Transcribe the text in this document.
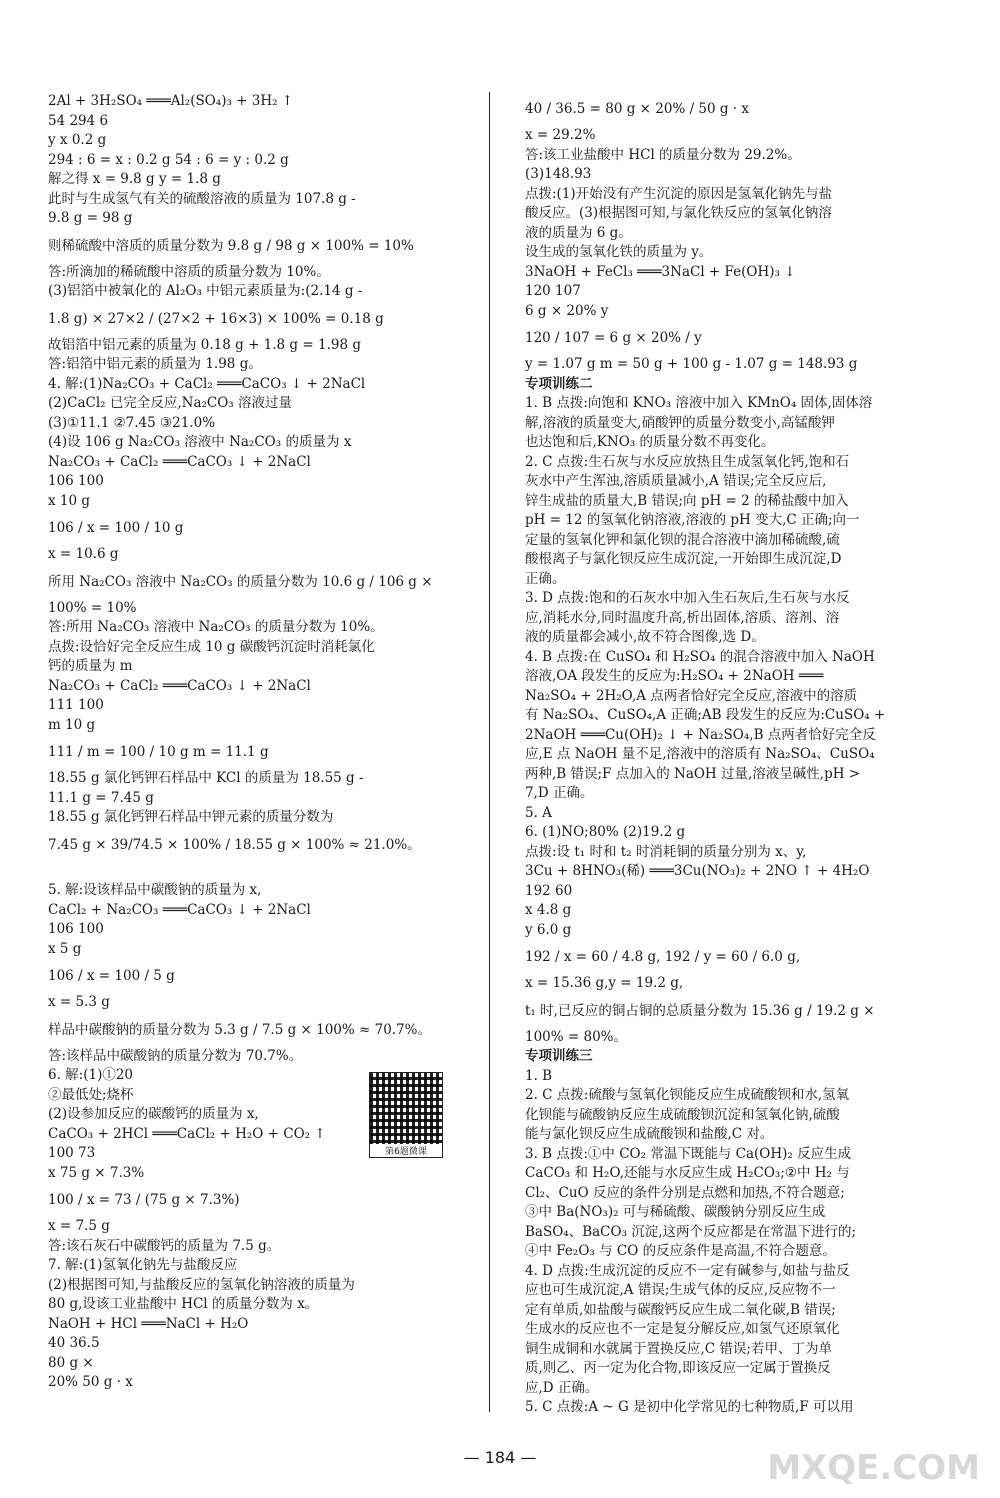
2Al + 3H₂SO₄ ═══Al₂(SO₄)₃ + 3H₂ ↑
54 294 6
y x 0.2 g
294 : 6 = x : 0.2 g 54 : 6 = y : 0.2 g
解之得 x = 9.8 g y = 1.8 g
此时与生成氢气有关的硫酸溶液的质量为 107.8 g -
9.8 g = 98 g
则稀硫酸中溶质的质量分数为 9.8 g / 98 g × 100% = 10%
答:所滴加的稀硫酸中溶质的质量分数为 10%。
(3)铝箔中被氧化的 Al₂O₃ 中铝元素质量为:(2.14 g -
1.8 g) × 27×2 / (27×2 + 16×3) × 100% = 0.18 g
故铝箔中铝元素的质量为 0.18 g + 1.8 g = 1.98 g
答:铝箔中铝元素的质量为 1.98 g。
4. 解:(1)Na₂CO₃ + CaCl₂ ═══CaCO₃ ↓ + 2NaCl
(2)CaCl₂ 已完全反应,Na₂CO₃ 溶液过量
(3)①11.1 ②7.45 ③21.0%
(4)设 106 g Na₂CO₃ 溶液中 Na₂CO₃ 的质量为 x
Na₂CO₃ + CaCl₂ ═══CaCO₃ ↓ + 2NaCl
106 100
x 10 g
106 / x = 100 / 10 g
x = 10.6 g
所用 Na₂CO₃ 溶液中 Na₂CO₃ 的质量分数为 10.6 g / 106 g ×
100% = 10%
答:所用 Na₂CO₃ 溶液中 Na₂CO₃ 的质量分数为 10%。
点拨:设恰好完全反应生成 10 g 碳酸钙沉淀时消耗氯化
钙的质量为 m
Na₂CO₃ + CaCl₂ ═══CaCO₃ ↓ + 2NaCl
111 100
m 10 g
111 / m = 100 / 10 g m = 11.1 g
18.55 g 氯化钙钾石样品中 KCl 的质量为 18.55 g -
11.1 g = 7.45 g
18.55 g 氯化钙钾石样品中钾元素的质量分数为
7.45 g × 39/74.5 × 100% / 18.55 g × 100% ≈ 21.0%。
5. 解:设该样品中碳酸钠的质量为 x,
CaCl₂ + Na₂CO₃ ═══CaCO₃ ↓ + 2NaCl
106 100
x 5 g
106 / x = 100 / 5 g
x = 5.3 g
样品中碳酸钠的质量分数为 5.3 g / 7.5 g × 100% ≈ 70.7%。
答:该样品中碳酸钠的质量分数为 70.7%。
6. 解:(1)①20
②最低处;烧杯
(2)设参加反应的碳酸钙的质量为 x,
CaCO₃ + 2HCl ═══CaCl₂ + H₂O + CO₂ ↑
100 73
x 75 g × 7.3%
100 / x = 73 / (75 g × 7.3%)
x = 7.5 g
答:该石灰石中碳酸钙的质量为 7.5 g。
7. 解:(1)氢氧化钠先与盐酸反应
(2)根据图可知,与盐酸反应的氢氧化钠溶液的质量为
80 g,设该工业盐酸中 HCl 的质量分数为 x。
NaOH + HCl ═══NaCl + H₂O
40 36.5
80 g ×
20% 50 g · x
40 / 36.5 = 80 g × 20% / 50 g · x
x = 29.2%
答:该工业盐酸中 HCl 的质量分数为 29.2%。
(3)148.93
点拨:(1)开始没有产生沉淀的原因是氢氧化钠先与盐
酸反应。(3)根据图可知,与氯化铁反应的氢氧化钠溶
液的质量为 6 g。
设生成的氢氧化铁的质量为 y。
3NaOH + FeCl₃ ═══3NaCl + Fe(OH)₃ ↓
120 107
6 g × 20% y
120 / 107 = 6 g × 20% / y
y = 1.07 g m = 50 g + 100 g - 1.07 g = 148.93 g
专项训练二
1. B 点拨:向饱和 KNO₃ 溶液中加入 KMnO₄ 固体,固体溶
解,溶液的质量变大,硝酸钾的质量分数变小,高锰酸钾
也达饱和后,KNO₃ 的质量分数不再变化。
2. C 点拨:生石灰与水反应放热且生成氢氧化钙,饱和石
灰水中产生浑浊,溶质质量减小,A 错误;完全反应后,
锌生成盐的质量大,B 错误;向 pH = 2 的稀盐酸中加入
pH = 12 的氢氧化钠溶液,溶液的 pH 变大,C 正确;向一
定量的氢氧化钾和氯化钡的混合溶液中滴加稀硫酸,硫
酸根离子与氯化钡反应生成沉淀,一开始即生成沉淀,D
正确。
3. D 点拨:饱和的石灰水中加入生石灰后,生石灰与水反
应,消耗水分,同时温度升高,析出固体,溶质、溶剂、溶
液的质量都会减小,故不符合图像,选 D。
4. B 点拨:在 CuSO₄ 和 H₂SO₄ 的混合溶液中加入 NaOH
溶液,OA 段发生的反应为:H₂SO₄ + 2NaOH ═══
Na₂SO₄ + 2H₂O,A 点两者恰好完全反应,溶液中的溶质
有 Na₂SO₄、CuSO₄,A 正确;AB 段发生的反应为:CuSO₄ +
2NaOH ═══Cu(OH)₂ ↓ + Na₂SO₄,B 点两者恰好完全反
应,E 点 NaOH 量不足,溶液中的溶质有 Na₂SO₄、CuSO₄
两种,B 错误;F 点加入的 NaOH 过量,溶液呈碱性,pH >
7,D 正确。
5. A
6. (1)NO;80% (2)19.2 g
点拨:设 t₁ 时和 t₂ 时消耗铜的质量分别为 x、y,
3Cu + 8HNO₃(稀) ═══3Cu(NO₃)₂ + 2NO ↑ + 4H₂O
192 60
x 4.8 g
y 6.0 g
192 / x = 60 / 4.8 g, 192 / y = 60 / 6.0 g,
x = 15.36 g,y = 19.2 g,
t₁ 时,已反应的铜占铜的总质量分数为 15.36 g / 19.2 g ×
100% = 80%。
专项训练三
1. B
2. C 点拨:硫酸与氢氧化钡能反应生成硫酸钡和水,氢氧
化钡能与硫酸钠反应生成硫酸钡沉淀和氢氧化钠,硫酸
能与氯化钡反应生成硫酸钡和盐酸,C 对。
3. B 点拨:①中 CO₂ 常温下既能与 Ca(OH)₂ 反应生成
CaCO₃ 和 H₂O,还能与水反应生成 H₂CO₃;②中 H₂ 与
Cl₂、CuO 反应的条件分别是点燃和加热,不符合题意;
③中 Ba(NO₃)₂ 可与稀硫酸、碳酸钠分别反应生成
BaSO₄、BaCO₃ 沉淀,这两个反应都是在常温下进行的;
④中 Fe₂O₃ 与 CO 的反应条件是高温,不符合题意。
4. D 点拨:生成沉淀的反应不一定有碱参与,如盐与盐反
应也可生成沉淀,A 错误;生成气体的反应,反应物不一
定有单质,如盐酸与碳酸钙反应生成二氧化碳,B 错误;
生成水的反应也不一定是复分解反应,如氢气还原氧化
铜生成铜和水就属于置换反应,C 错误;若甲、丁为单
质,则乙、丙一定为化合物,即该反应一定属于置换反
应,D 正确。
5. C 点拨:A ~ G 是初中化学常见的七种物质,F 可以用
第6题微课
— 184 —	MXQE.COM
